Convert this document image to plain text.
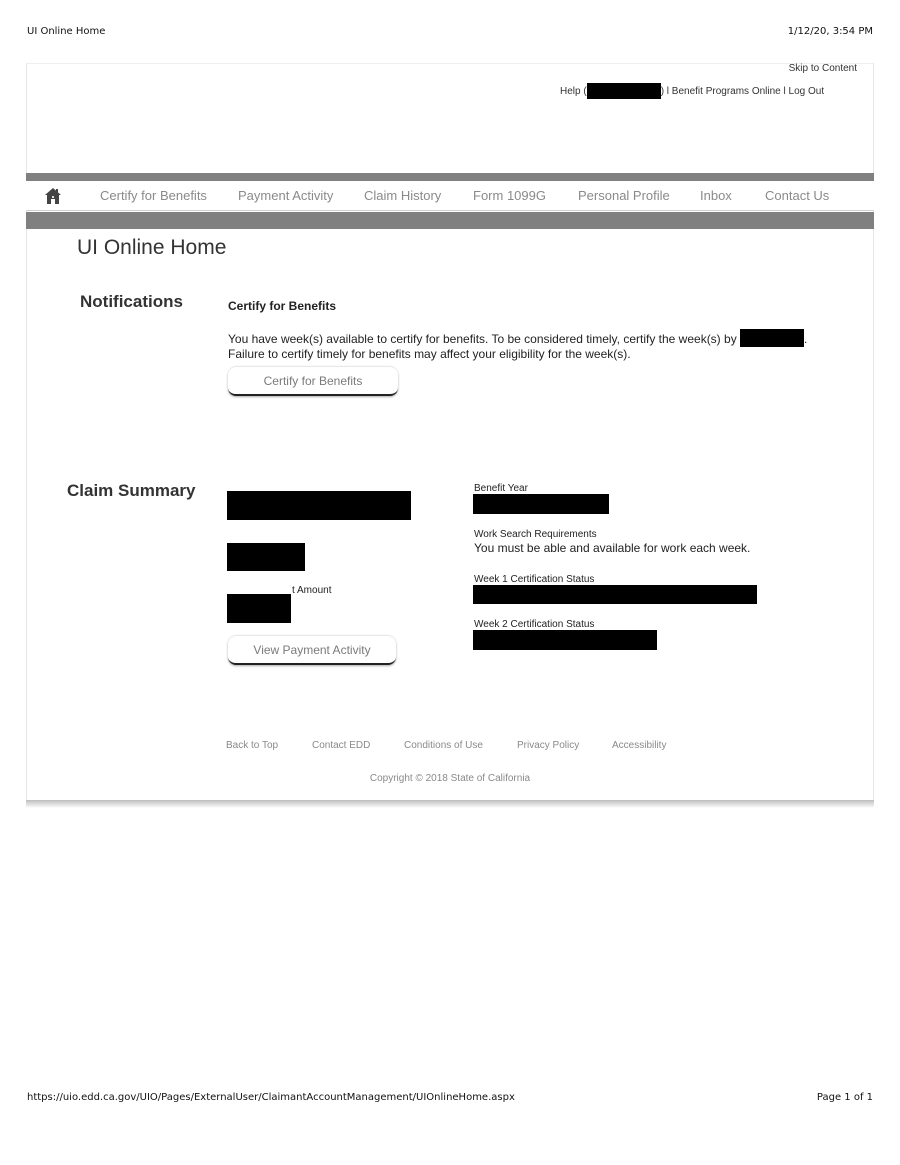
UI Online Home	1/12/20, 3:54 PM
https://uio.edd.ca.gov/UIO/Pages/ExternalUser/ClaimantAccountManagement/UIOnlineHome.aspx	Page 1 of 1
Skip to Content
Help (	) l Benefit Programs Online l Log Out
Certify for Benefits Payment Activity Claim History Form 1099G Personal Profile Inbox	Contact Us
UI Online Home
Notifications	Certify for Benefits
You have week(s) available to certify for benefits. To be considered timely, certify the week(s) by	.
Failure to certify timely for benefits may affect your eligibility for the week(s).
Certify for Benefits
Claim Summary
t Amount
View Payment Activity
Benefit Year
Work Search Requirements
You must be able and available for work each week.
Week 1 Certification Status
Week 2 Certification Status
Back to Top	Contact EDD	Conditions of Use	Privacy Policy	Accessibility
Copyright © 2018 State of California
